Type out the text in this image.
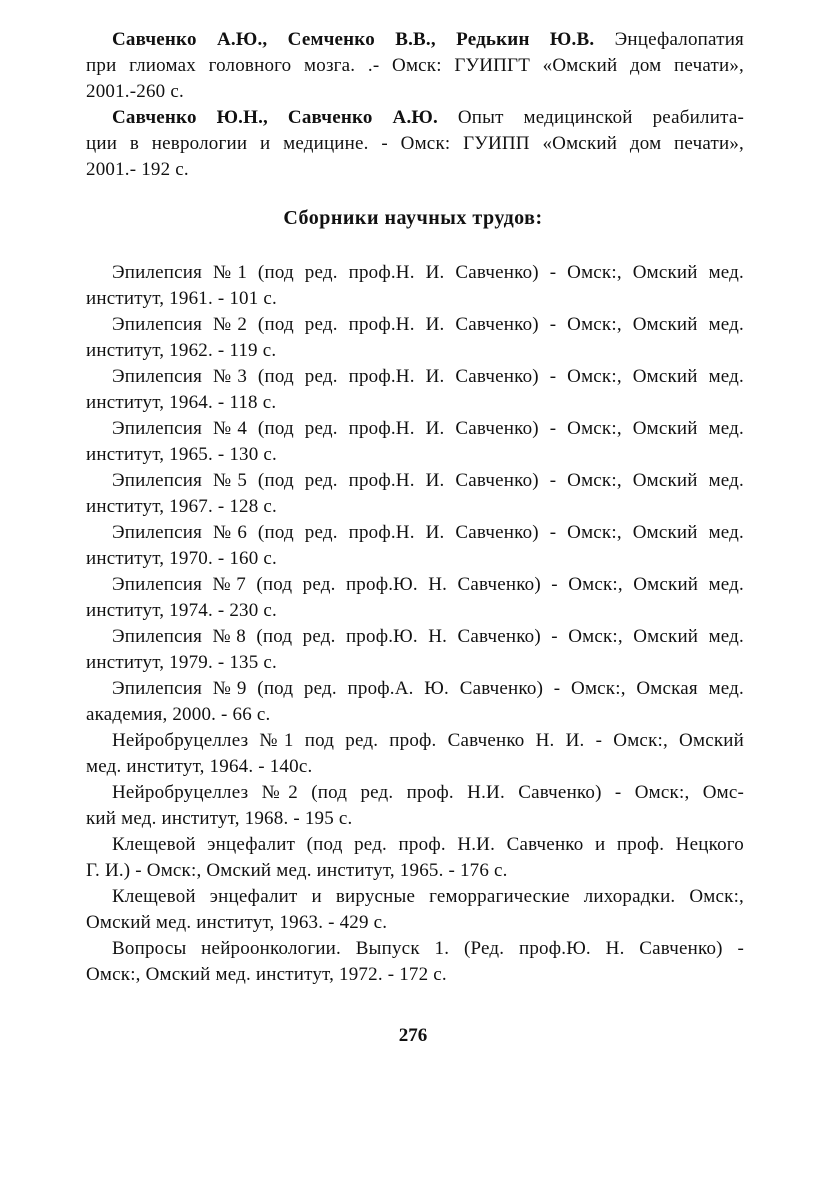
Савченко А.Ю., Семченко В.В., Редькин Ю.В. Энцефалопатия
при глиомах головного мозга. .- Омск: ГУИПГТ «Омский дом печати»,
2001.-260 с.
Савченко Ю.Н., Савченко А.Ю. Опыт медицинской реабилита-
ции в неврологии и медицине. - Омск: ГУИПП «Омский дом печати»,
2001.- 192 с.
Сборники научных трудов:
Эпилепсия №1 (под ред. проф.Н. И. Савченко) - Омск:, Омский мед.
институт, 1961. - 101 с.
Эпилепсия №2 (под ред. проф.Н. И. Савченко) - Омск:, Омский мед.
институт, 1962. - 119 с.
Эпилепсия №3 (под ред. проф.Н. И. Савченко) - Омск:, Омский мед.
институт, 1964. - 118 с.
Эпилепсия №4 (под ред. проф.Н. И. Савченко) - Омск:, Омский мед.
институт, 1965. - 130 с.
Эпилепсия №5 (под ред. проф.Н. И. Савченко) - Омск:, Омский мед.
институт, 1967. - 128 с.
Эпилепсия №6 (под ред. проф.Н. И. Савченко) - Омск:, Омский мед.
институт, 1970. - 160 с.
Эпилепсия №7 (под ред. проф.Ю. Н. Савченко) - Омск:, Омский мед.
институт, 1974. - 230 с.
Эпилепсия №8 (под ред. проф.Ю. Н. Савченко) - Омск:, Омский мед.
институт, 1979. - 135 с.
Эпилепсия №9 (под ред. проф.А. Ю. Савченко) - Омск:, Омская мед.
академия, 2000. - 66 с.
Нейробруцеллез №1 под ред. проф. Савченко Н. И. - Омск:, Омский
мед. институт, 1964. - 140с.
Нейробруцеллез №2 (под ред. проф. Н.И. Савченко) - Омск:, Омс-
кий мед. институт, 1968. - 195 с.
Клещевой энцефалит (под ред. проф. Н.И. Савченко и проф. Нецкого
Г. И.) - Омск:, Омский мед. институт, 1965. - 176 с.
Клещевой энцефалит и вирусные геморрагические лихорадки. Омск:,
Омский мед. институт, 1963. - 429 с.
Вопросы нейроонкологии. Выпуск 1. (Ред. проф.Ю. Н. Савченко) -
Омск:, Омский мед. институт, 1972. - 172 с.
276
